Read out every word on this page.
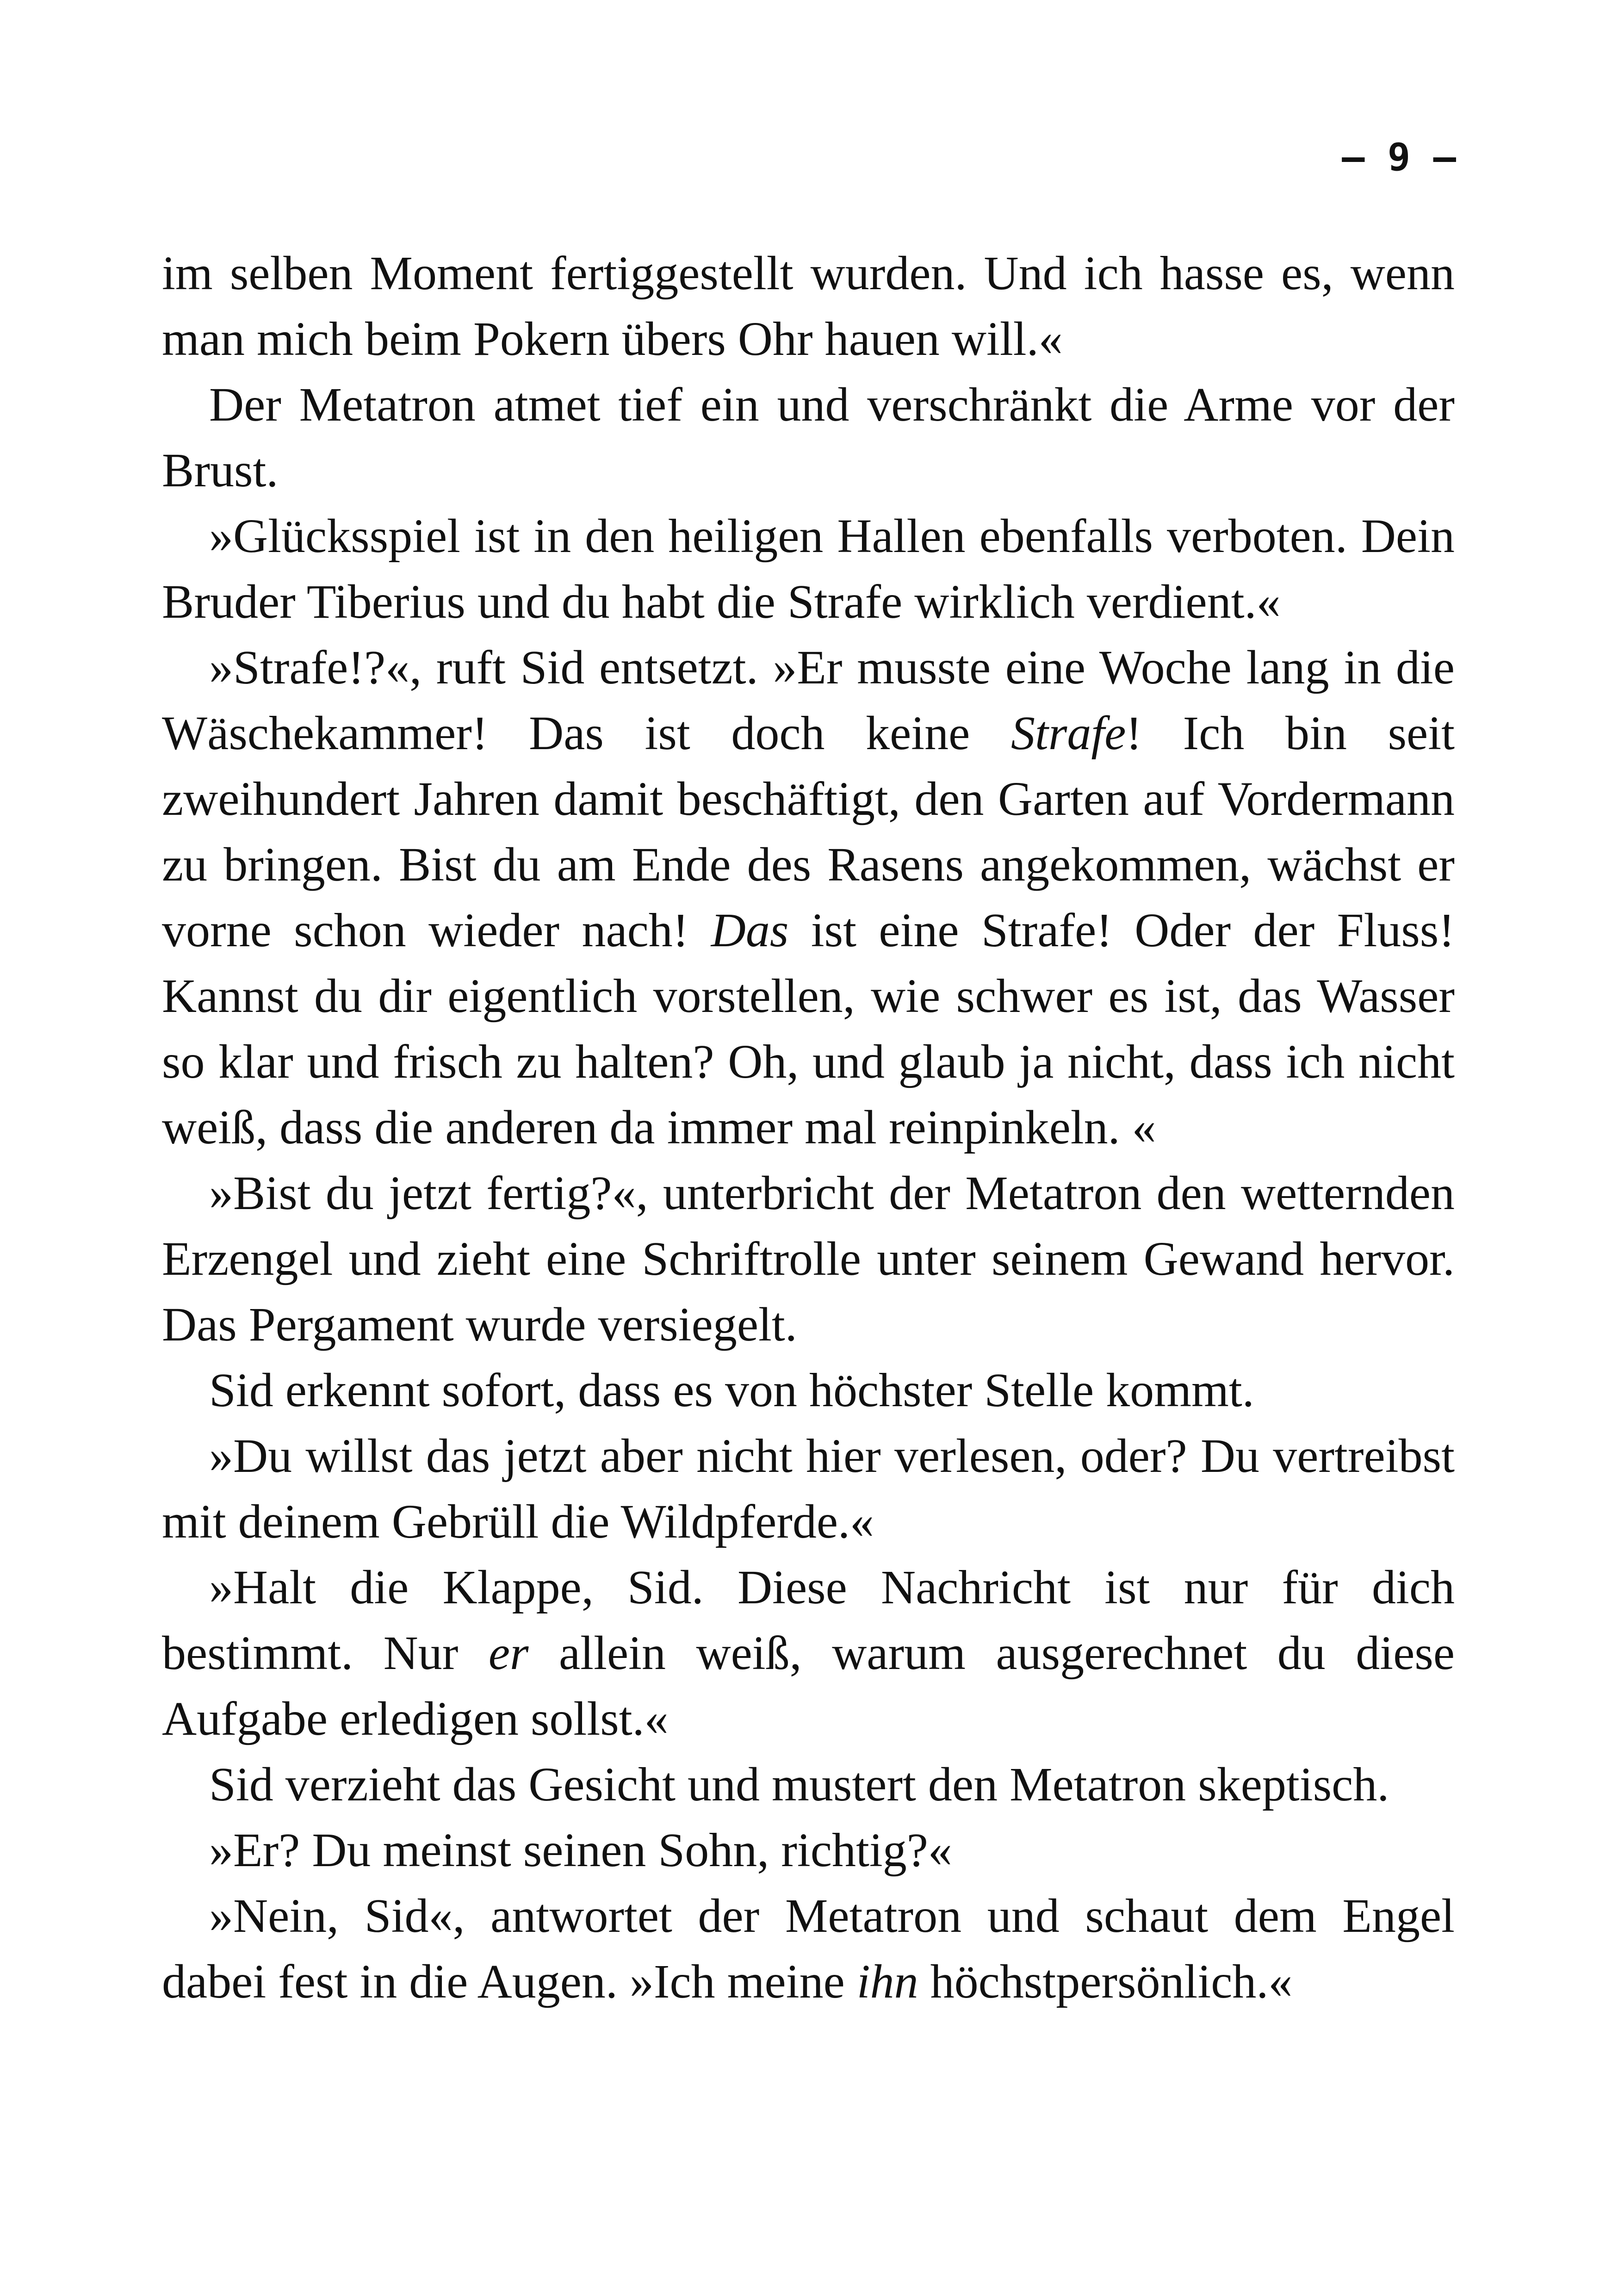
– 9 –

im selben Moment fertiggestellt wurden. Und ich hasse es, wenn man mich beim Pokern übers Ohr hauen will.«

Der Metatron atmet tief ein und verschränkt die Arme vor der Brust.

»Glücksspiel ist in den heiligen Hallen ebenfalls verboten. Dein Bruder Tiberius und du habt die Strafe wirklich verdient.«

»Strafe!?«, ruft Sid entsetzt. »Er musste eine Woche lang in die Wäschekammer! Das ist doch keine Strafe! Ich bin seit zweihundert Jahren damit beschäftigt, den Garten auf Vordermann zu bringen. Bist du am Ende des Rasens angekommen, wächst er vorne schon wieder nach! Das ist eine Strafe! Oder der Fluss! Kannst du dir eigentlich vorstellen, wie schwer es ist, das Wasser so klar und frisch zu halten? Oh, und glaub ja nicht, dass ich nicht weiß, dass die anderen da immer mal reinpinkeln. «

»Bist du jetzt fertig?«, unterbricht der Metatron den wetternden Erzengel und zieht eine Schriftrolle unter seinem Gewand hervor. Das Pergament wurde versiegelt.

Sid erkennt sofort, dass es von höchster Stelle kommt.

»Du willst das jetzt aber nicht hier verlesen, oder? Du vertreibst mit deinem Gebrüll die Wildpferde.«

»Halt die Klappe, Sid. Diese Nachricht ist nur für dich bestimmt. Nur er allein weiß, warum ausgerechnet du diese Aufgabe erledigen sollst.«

Sid verzieht das Gesicht und mustert den Metatron skeptisch.

»Er? Du meinst seinen Sohn, richtig?«

»Nein, Sid«, antwortet der Metatron und schaut dem Engel dabei fest in die Augen. »Ich meine ihn höchstpersönlich.«
